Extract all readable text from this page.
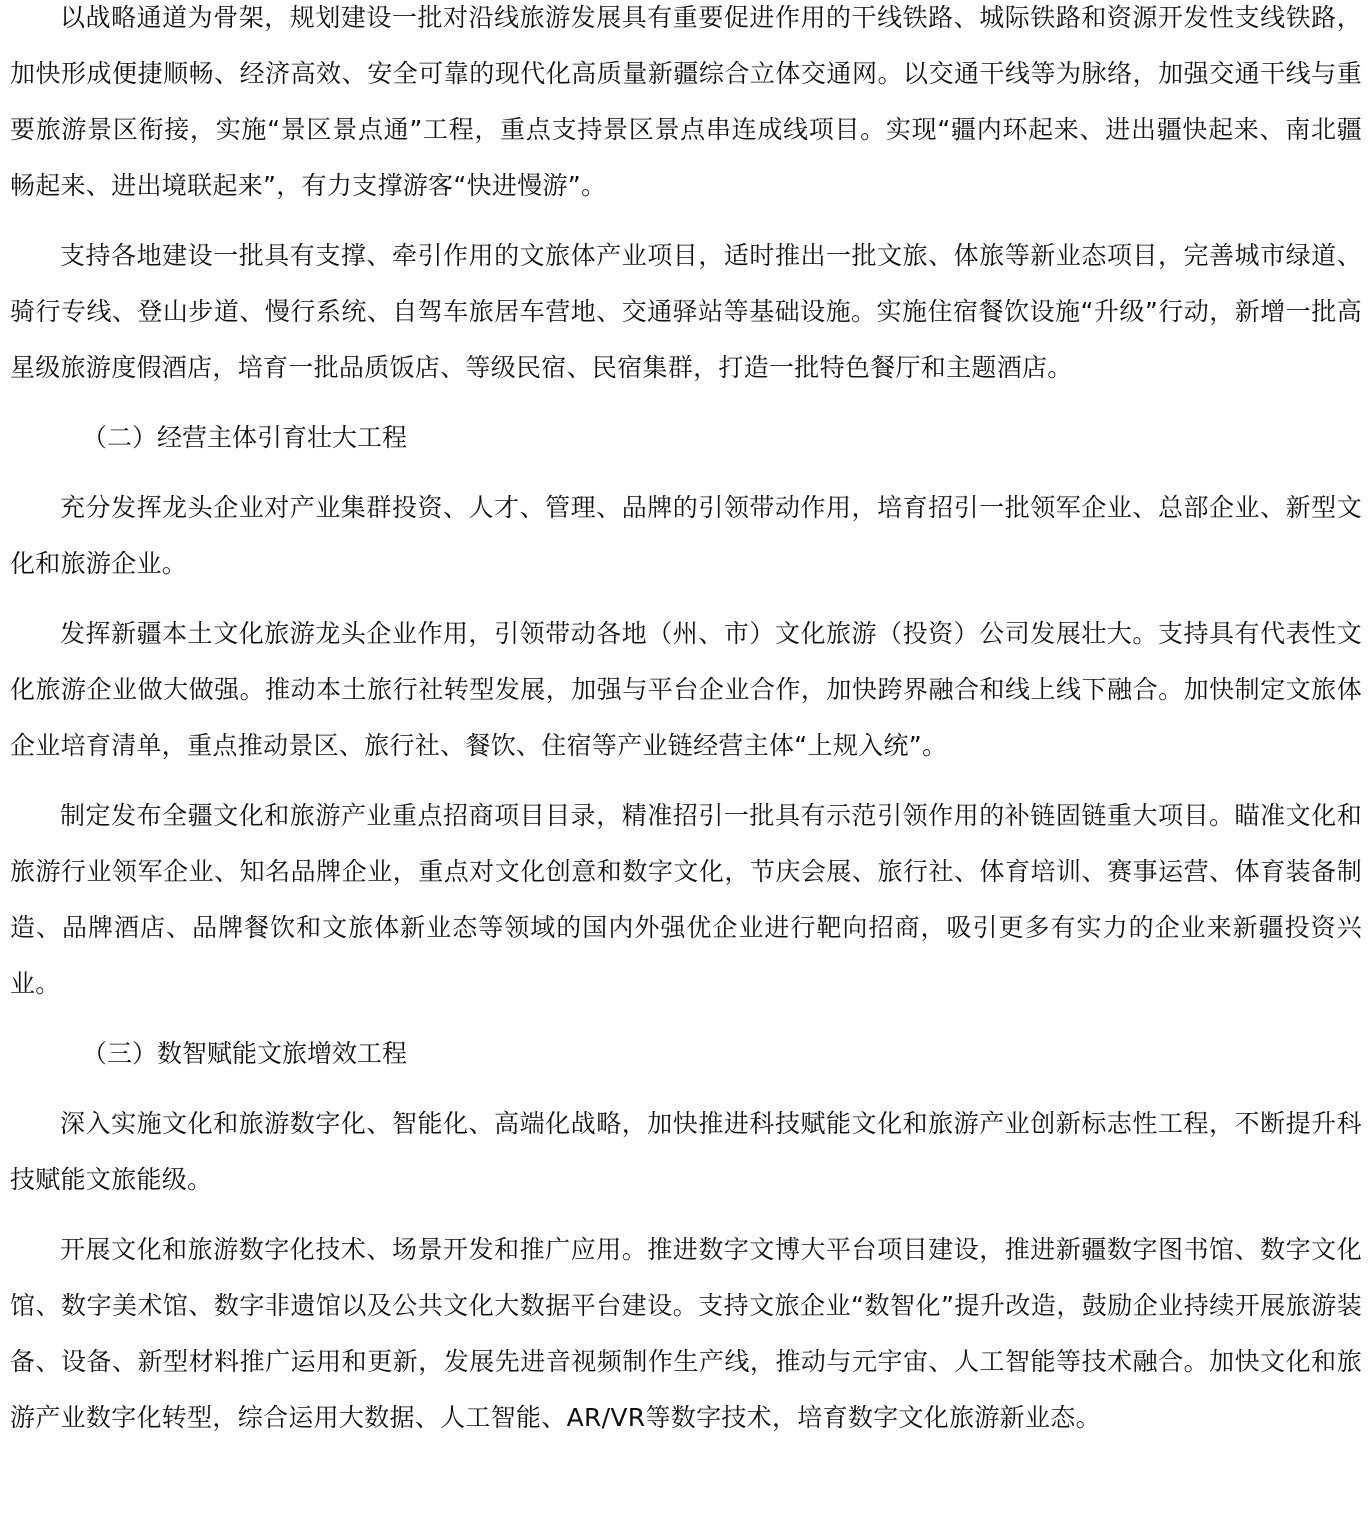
以战略通道为骨架，规划建设一批对沿线旅游发展具有重要促进作用的干线铁路、城际铁路和资源开发性支线铁路，加快形成便捷顺畅、经济高效、安全可靠的现代化高质量新疆综合立体交通网。以交通干线等为脉络，加强交通干线与重要旅游景区衔接，实施“景区景点通”工程，重点支持景区景点串连成线项目。实现“疆内环起来、进出疆快起来、南北疆畅起来、进出境联起来”，有力支撑游客“快进慢游”。

支持各地建设一批具有支撑、牵引作用的文旅体产业项目，适时推出一批文旅、体旅等新业态项目，完善城市绿道、骑行专线、登山步道、慢行系统、自驾车旅居车营地、交通驿站等基础设施。实施住宿餐饮设施“升级”行动，新增一批高星级旅游度假酒店，培育一批品质饭店、等级民宿、民宿集群，打造一批特色餐厅和主题酒店。

（二）经营主体引育壮大工程

充分发挥龙头企业对产业集群投资、人才、管理、品牌的引领带动作用，培育招引一批领军企业、总部企业、新型文化和旅游企业。

发挥新疆本土文化旅游龙头企业作用，引领带动各地（州、市）文化旅游（投资）公司发展壮大。支持具有代表性文化旅游企业做大做强。推动本土旅行社转型发展，加强与平台企业合作，加快跨界融合和线上线下融合。加快制定文旅体企业培育清单，重点推动景区、旅行社、餐饮、住宿等产业链经营主体“上规入统”。

制定发布全疆文化和旅游产业重点招商项目目录，精准招引一批具有示范引领作用的补链固链重大项目。瞄准文化和旅游行业领军企业、知名品牌企业，重点对文化创意和数字文化，节庆会展、旅行社、体育培训、赛事运营、体育装备制造、品牌酒店、品牌餐饮和文旅体新业态等领域的国内外强优企业进行靶向招商，吸引更多有实力的企业来新疆投资兴业。

（三）数智赋能文旅增效工程

深入实施文化和旅游数字化、智能化、高端化战略，加快推进科技赋能文化和旅游产业创新标志性工程，不断提升科技赋能文旅能级。

开展文化和旅游数字化技术、场景开发和推广应用。推进数字文博大平台项目建设，推进新疆数字图书馆、数字文化馆、数字美术馆、数字非遗馆以及公共文化大数据平台建设。支持文旅企业“数智化”提升改造，鼓励企业持续开展旅游装备、设备、新型材料推广运用和更新，发展先进音视频制作生产线，推动与元宇宙、人工智能等技术融合。加快文化和旅游产业数字化转型，综合运用大数据、人工智能、AR/VR等数字技术，培育数字文化旅游新业态。
